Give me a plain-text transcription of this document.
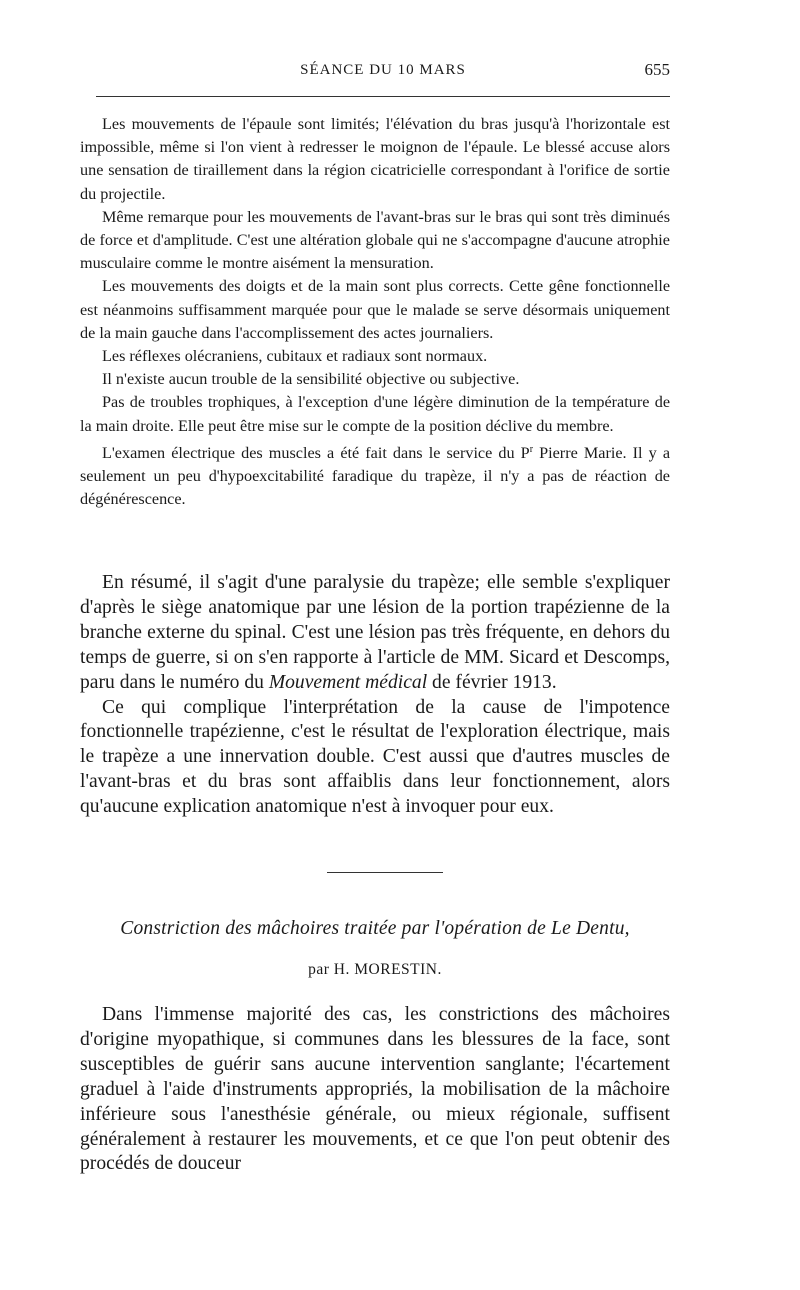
SÉANCE DU 10 MARS	655

Les mouvements de l'épaule sont limités; l'élévation du bras jusqu'à l'horizontale est impossible, même si l'on vient à redresser le moignon de l'épaule. Le blessé accuse alors une sensation de tiraillement dans la région cicatricielle correspondant à l'orifice de sortie du projectile.

Même remarque pour les mouvements de l'avant-bras sur le bras qui sont très diminués de force et d'amplitude. C'est une altération globale qui ne s'accompagne d'aucune atrophie musculaire comme le montre aisément la mensuration.

Les mouvements des doigts et de la main sont plus corrects. Cette gêne fonctionnelle est néanmoins suffisamment marquée pour que le malade se serve désormais uniquement de la main gauche dans l'accomplissement des actes journaliers.

Les réflexes olécraniens, cubitaux et radiaux sont normaux.

Il n'existe aucun trouble de la sensibilité objective ou subjective.

Pas de troubles trophiques, à l'exception d'une légère diminution de la température de la main droite. Elle peut être mise sur le compte de la position déclive du membre.

L'examen électrique des muscles a été fait dans le service du $P^r$ Pierre Marie. Il y a seulement un peu d'hypoexcitabilité faradique du trapèze, il n'y a pas de réaction de dégénérescence.

En résumé, il s'agit d'une paralysie du trapèze; elle semble s'expliquer d'après le siège anatomique par une lésion de la portion trapézienne de la branche externe du spinal. C'est une lésion pas très fréquente, en dehors du temps de guerre, si on s'en rapporte à l'article de MM. Sicard et Descomps, paru dans le numéro du Mouvement médical de février 1913.

Ce qui complique l'interprétation de la cause de l'impotence fonctionnelle trapézienne, c'est le résultat de l'exploration électrique, mais le trapèze a une innervation double. C'est aussi que d'autres muscles de l'avant-bras et du bras sont affaiblis dans leur fonctionnement, alors qu'aucune explication anatomique n'est à invoquer pour eux.

Constriction des mâchoires traitée par l'opération de Le Dentu,
par H. MORESTIN.

Dans l'immense majorité des cas, les constrictions des mâchoires d'origine myopathique, si communes dans les blessures de la face, sont susceptibles de guérir sans aucune intervention sanglante; l'écartement graduel à l'aide d'instruments appropriés, la mobilisation de la mâchoire inférieure sous l'anesthésie générale, ou mieux régionale, suffisent généralement à restaurer les mouvements, et ce que l'on peut obtenir des procédés de douceur
